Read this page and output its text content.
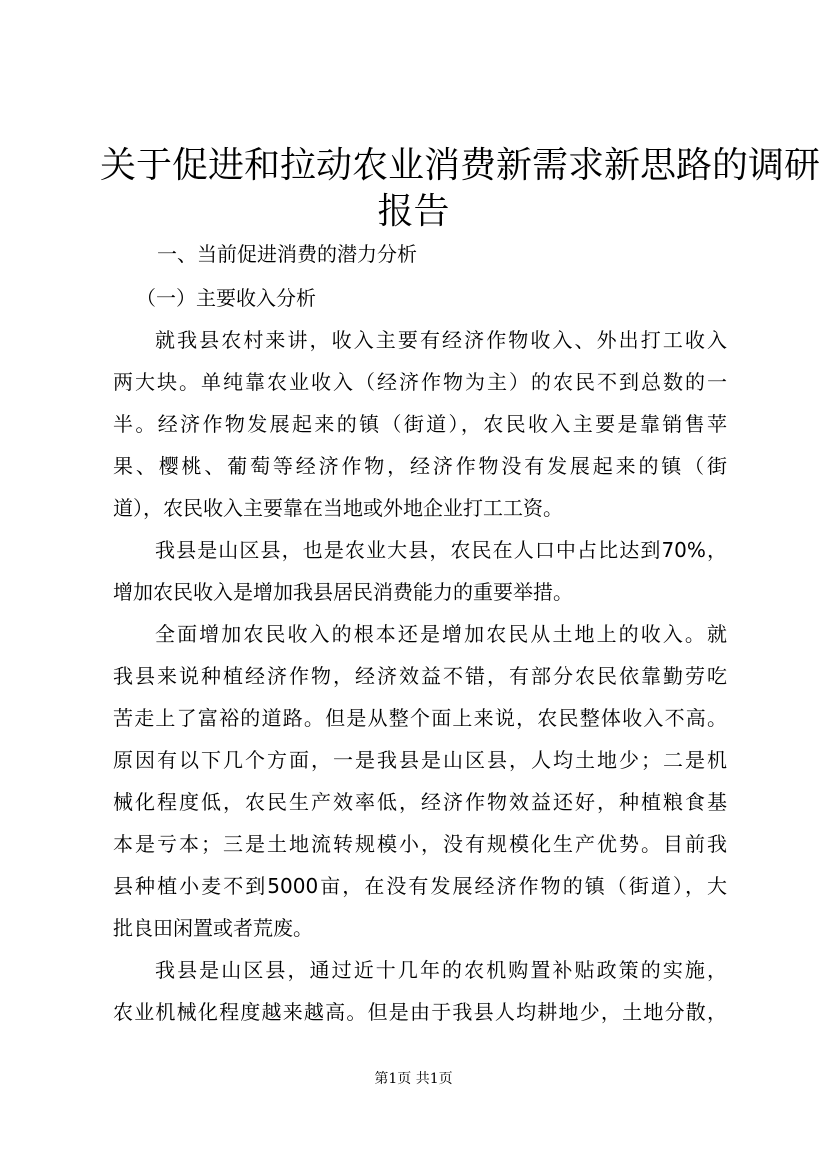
关于促进和拉动农业消费新需求新思路的调研
报告
一、当前促进消费的潜力分析
（一）主要收入分析
就我县农村来讲，收入主要有经济作物收入、外出打工收入
两大块。单纯靠农业收入（经济作物为主）的农民不到总数的一
半。经济作物发展起来的镇（街道），农民收入主要是靠销售苹
果、樱桃、葡萄等经济作物，经济作物没有发展起来的镇（街
道），农民收入主要靠在当地或外地企业打工工资。
我县是山区县，也是农业大县，农民在人口中占比达到70%，
增加农民收入是增加我县居民消费能力的重要举措。
全面增加农民收入的根本还是增加农民从土地上的收入。就
我县来说种植经济作物，经济效益不错，有部分农民依靠勤劳吃
苦走上了富裕的道路。但是从整个面上来说，农民整体收入不高。
原因有以下几个方面，一是我县是山区县，人均土地少；二是机
械化程度低，农民生产效率低，经济作物效益还好，种植粮食基
本是亏本；三是土地流转规模小，没有规模化生产优势。目前我
县种植小麦不到5000亩，在没有发展经济作物的镇（街道），大
批良田闲置或者荒废。
我县是山区县，通过近十几年的农机购置补贴政策的实施，
农业机械化程度越来越高。但是由于我县人均耕地少，土地分散，
第1页 共1页
